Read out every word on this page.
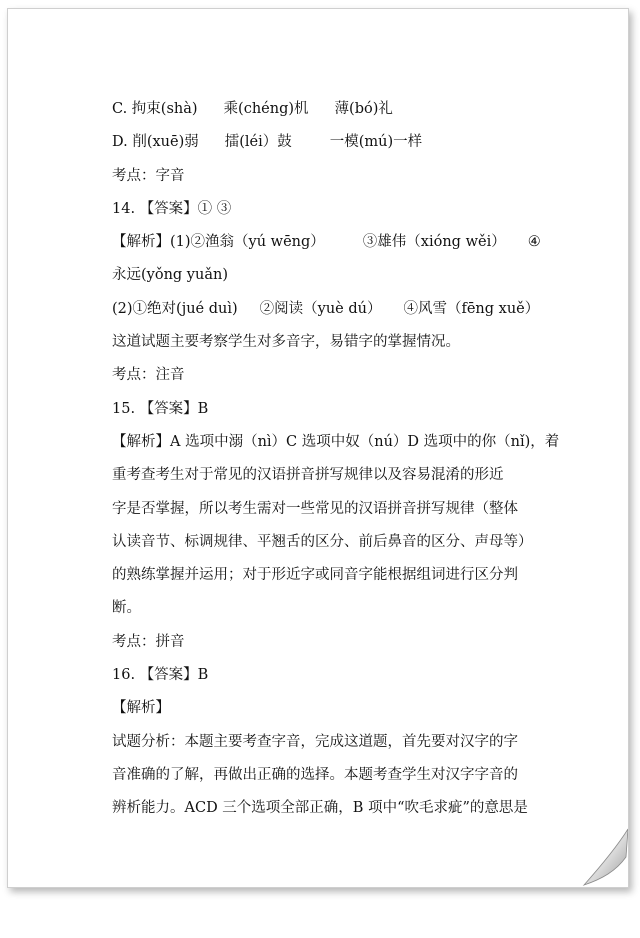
C. 拘束(shà) 乘(chéng)机 薄(bó)礼
D. 削(xuē)弱 擂(léi）鼓	一模(mú)一样
考点：字音
14. 【答案】① ③
【解析】(1)②渔翁（yú wēng）	③雄伟（xióng wěi） ④
永远(yǒng yuǎn)
(2)①绝对(jué duì) ②阅读（yuè dú） ④风雪（fēng xuě）
这道试题主要考察学生对多音字，易错字的掌握情况。
考点：注音
15. 【答案】B
【解析】A 选项中溺（nì）C 选项中奴（nú）D 选项中的你（nǐ)，着
重考查考生对于常见的汉语拼音拼写规律以及容易混淆的形近
字是否掌握，所以考生需对一些常见的汉语拼音拼写规律（整体
认读音节、标调规律、平翘舌的区分、前后鼻音的区分、声母等）
的熟练掌握并运用；对于形近字或同音字能根据组词进行区分判
断。
考点：拼音
16. 【答案】B
【解析】
试题分析：本题主要考查字音，完成这道题，首先要对汉字的字
音准确的了解，再做出正确的选择。本题考查学生对汉字字音的
辨析能力。ACD 三个选项全部正确，B 项中“吹毛求疵”的意思是
